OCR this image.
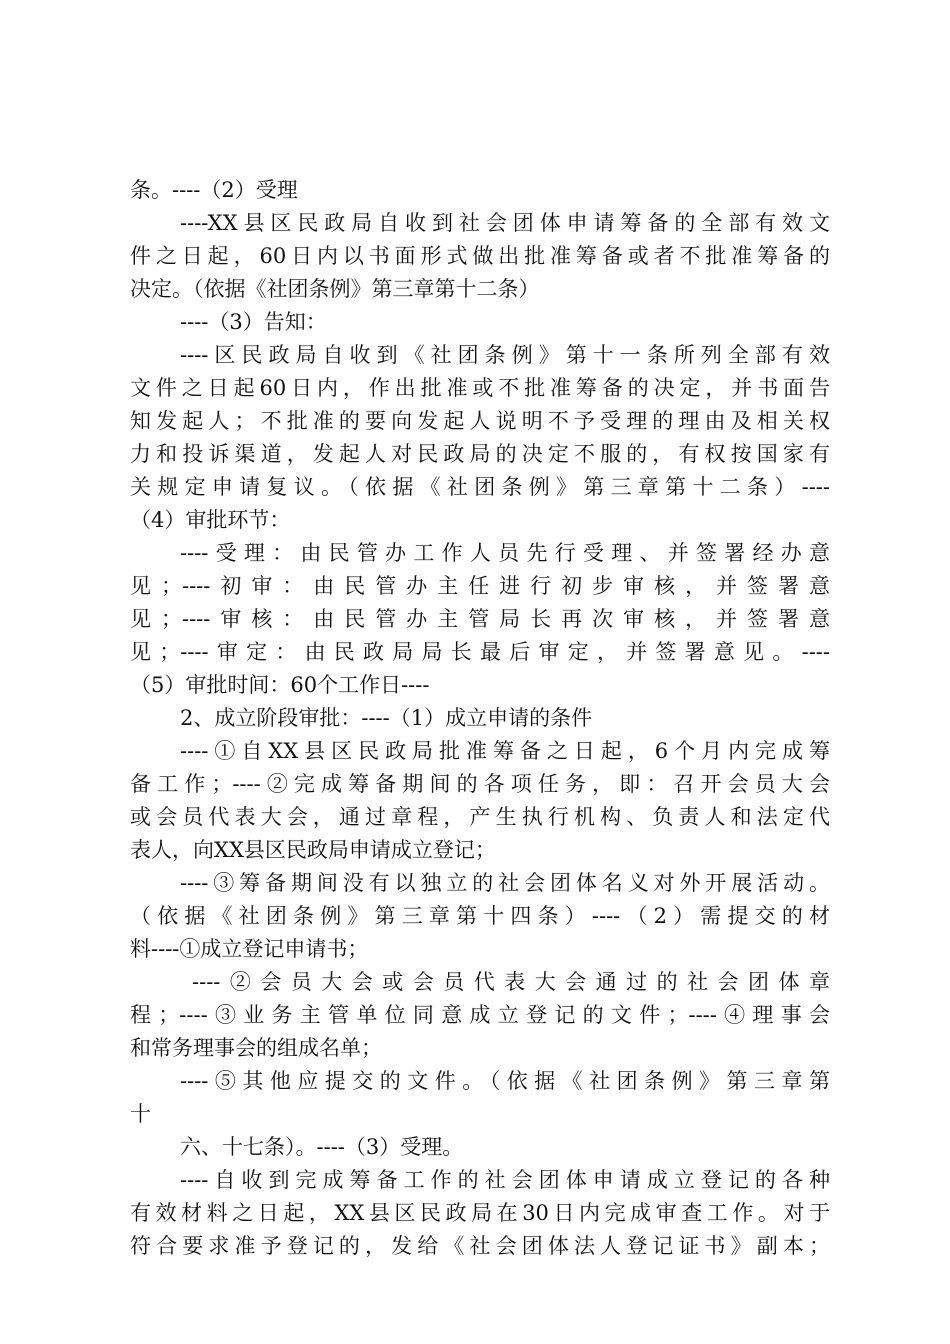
条。----（2）受理
----XX县区民政局自收到社会团体申请筹备的全部有效文
件之日起，60日内以书面形式做出批准筹备或者不批准筹备的
决定。（依据《社团条例》第三章第十二条）
----（3）告知：
----区民政局自收到《社团条例》第十一条所列全部有效
文件之日起60日内，作出批准或不批准筹备的决定，并书面告
知发起人；不批准的要向发起人说明不予受理的理由及相关权
力和投诉渠道，发起人对民政局的决定不服的，有权按国家有
关规定申请复议。（依据《社团条例》第三章第十二条）----
（4）审批环节：
----受理：由民管办工作人员先行受理、并签署经办意
见；----初审：由民管办主任进行初步审核，并签署意
见；----审核：由民管办主管局长再次审核，并签署意
见；----审定：由民政局局长最后审定，并签署意见。----
（5）审批时间：60个工作日----
2、成立阶段审批：----（1）成立申请的条件
----①自XX县区民政局批准筹备之日起，6个月内完成筹
备工作；----②完成筹备期间的各项任务，即：召开会员大会
或会员代表大会，通过章程，产生执行机构、负责人和法定代
表人，向XX县区民政局申请成立登记；
----③筹备期间没有以独立的社会团体名义对外开展活动。
（依据《社团条例》第三章第十四条）----（2）需提交的材
料----①成立登记申请书；
----②会员大会或会员代表大会通过的社会团体章
程；----③业务主管单位同意成立登记的文件；----④理事会
和常务理事会的组成名单；
----⑤其他应提交的文件。（依据《社团条例》第三章第
十
六、十七条）。----（3）受理。
----自收到完成筹备工作的社会团体申请成立登记的各种
有效材料之日起，XX县区民政局在30日内完成审查工作。对于
符合要求准予登记的，发给《社会团体法人登记证书》副本；
